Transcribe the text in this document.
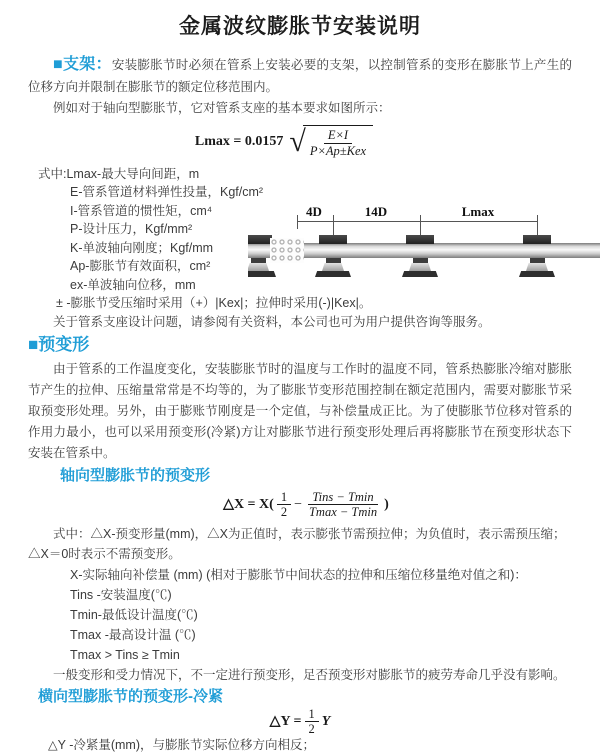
金属波纹膨胀节安装说明

■支架：安装膨胀节时必须在管系上安装必要的支架，以控制管系的变形在膨胀节上产生的位移方向并限制在膨胀节的额定位移范围内。

例如对于轴向型膨胀节，它对管系支座的基本要求如图所示：

Lmax = 0.0157 √ $\frac{E\times I}{\text{P×Ap±Kex}}$
式中:Lmax-最大导向间距，m
E-管系管道材料弹性投量，Kgf/cm²
I-管系管道的惯性矩，cm⁴
P-设计压力，Kgf/mm²
K-单波轴向刚度；Kgf/mm
Ap-膨胀节有效面积，cm²
ex-单波轴向位移，mm
± -膨胀节受压缩时采用（+）|Kex|；拉伸时采用(-)|Kex|。

关于管系支座设计问题，请参阅有关资料，本公司也可为用户提供咨询等服务。

4D	14D	Lmax
■预变形

由于管系的工作温度变化，安装膨胀节时的温度与工作时的温度不同，管系热膨胀冷缩对膨胀节产生的拉伸、压缩量常常是不均等的，为了膨胀节变形范围控制在额定范围内，需要对膨胀节采取预变形处理。另外，由于膨账节刚度是一个定值，与补偿量成正比。为了使膨胀节位移对管系的作用力最小，也可以采用预变形(冷紧)方让对膨胀节进行预变形处理后再将膨胀节在预变形状态下安装在管系中。

轴向型膨胀节的预变形
△X = $X( \frac{1}{2} - \frac{\text{Tins − Tmin}}{Tmax - Tmin}$ )

式中：△X-预变形量(mm)，△X为正值时，表示膨张节需预拉伸；为负值时，表示需预压缩；△X＝0时表示不需预变形。

X-实际轴向补偿量 (mm) (相对于膨胀节中间状态的拉伸和压缩位移量绝对值之和)：
Tins -安装温度(℃)
Tmin-最低设计温度(℃)
Tmax -最高设计温 (℃)
Tmax > Tins ≥ Tmin

一般变形和受力情况下，不一定进行预变形，足否预变形对膨胀节的疲劳寿命几乎没有影响。

横向型膨胀节的预变形-冷紧
△Y = $\frac{1}{2}$ Y

△Y -冷紧量(mm)，与膨胀节实际位移方向相反；
